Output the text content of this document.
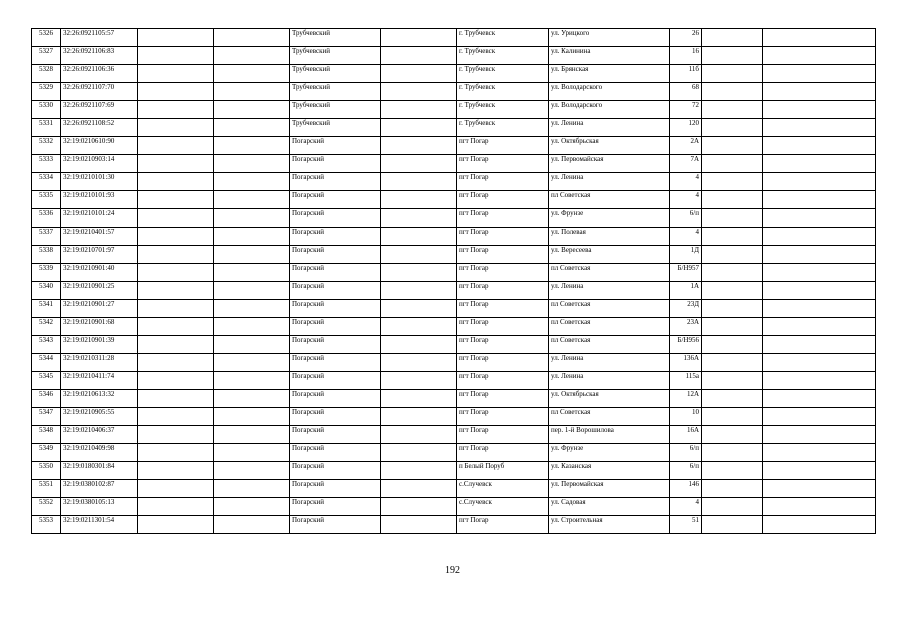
5326	32:26:0921105:57			Трубчевский		г. Трубчевск	ул. Урицкого	26		
5327	32:26:0921106:83			Трубчевский		г. Трубчевск	ул. Калинина	16		
5328	32:26:0921106:36			Трубчевский		г. Трубчевск	ул. Брянская	11б		
5329	32:26:0921107:70			Трубчевский		г. Трубчевск	ул. Володарского	68		
5330	32:26:0921107:69			Трубчевский		г. Трубчевск	ул. Володарского	72		
5331	32:26:0921108:52			Трубчевский		г. Трубчевск	ул. Ленина	120		
5332	32:19:0210610:90			Погарский		пгт Погар	ул. Октябрьская	2А		
5333	32:19:0210903:14			Погарский		пгт Погар	ул. Первомайская	7А		
5334	32:19:0210101:30			Погарский		пгт Погар	ул. Ленина	4		
5335	32:19:0210101:93			Погарский		пгт Погар	пл Советская	4		
5336	32:19:0210101:24			Погарский		пгт Погар	ул. Фрунзе	6/п		
5337	32:19:0210401:57			Погарский		пгт Погар	ул. Полевая	4		
5338	32:19:0210701:97			Погарский		пгт Погар	ул. Вересеева	1Д		
5339	32:19:0210901:40			Погарский		пгт Погар	пл Советская	Б/Н957		
5340	32:19:0210901:25			Погарский		пгт Погар	ул. Ленина	1А		
5341	32:19:0210901:27			Погарский		пгт Погар	пл Советская	23Д		
5342	32:19:0210901:68			Погарский		пгт Погар	пл Советская	23А		
5343	32:19:0210901:39			Погарский		пгт Погар	пл Советская	Б/Н956		
5344	32:19:0210311:28			Погарский		пгт Погар	ул. Ленина	136А		
5345	32:19:0210411:74			Погарский		пгт Погар	ул. Ленина	115а		
5346	32:19:0210613:32			Погарский		пгт Погар	ул. Октябрьская	12А		
5347	32:19:0210905:55			Погарский		пгт Погар	пл Советская	10		
5348	32:19:0210406:37			Погарский		пгт Погар	пер. 1-й Ворошилова	16А		
5349	32:19:0210409:98			Погарский		пгт Погар	ул. Фрунзе	6/п		
5350	32:19:0180301:84			Погарский		п Белый Поруб	ул. Казанская	6/п		
5351	32:19:0380102:87			Погарский		с.Случевск	ул. Первомайская	146		
5352	32:19:0380105:13			Погарский		с.Случевск	ул. Садовая	4		
5353	32:19:0211301:54			Погарский		пгт Погар	ул. Строительная	51		
192
